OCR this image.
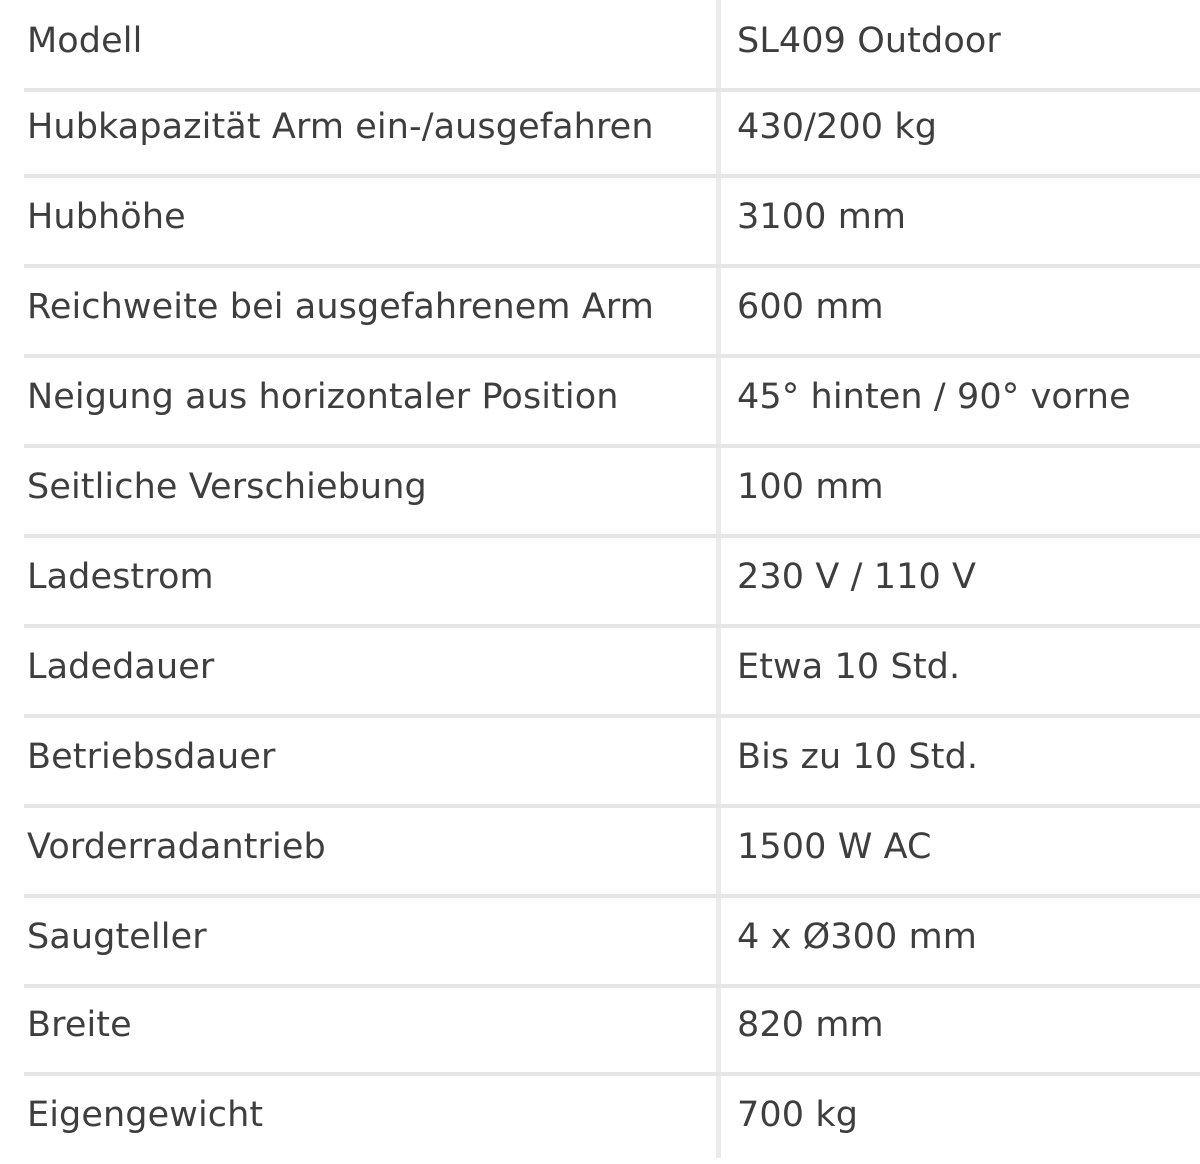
Modell	SL409 Outdoor
Hubkapazität Arm ein-/ausgefahren	430/200 kg
Hubhöhe	3100 mm
Reichweite bei ausgefahrenem Arm	600 mm
Neigung aus horizontaler Position	45° hinten / 90° vorne
Seitliche Verschiebung	100 mm
Ladestrom	230 V / 110 V
Ladedauer	Etwa 10 Std.
Betriebsdauer	Bis zu 10 Std.
Vorderradantrieb	1500 W AC
Saugteller	4 x Ø300 mm
Breite	820 mm
Eigengewicht	700 kg
